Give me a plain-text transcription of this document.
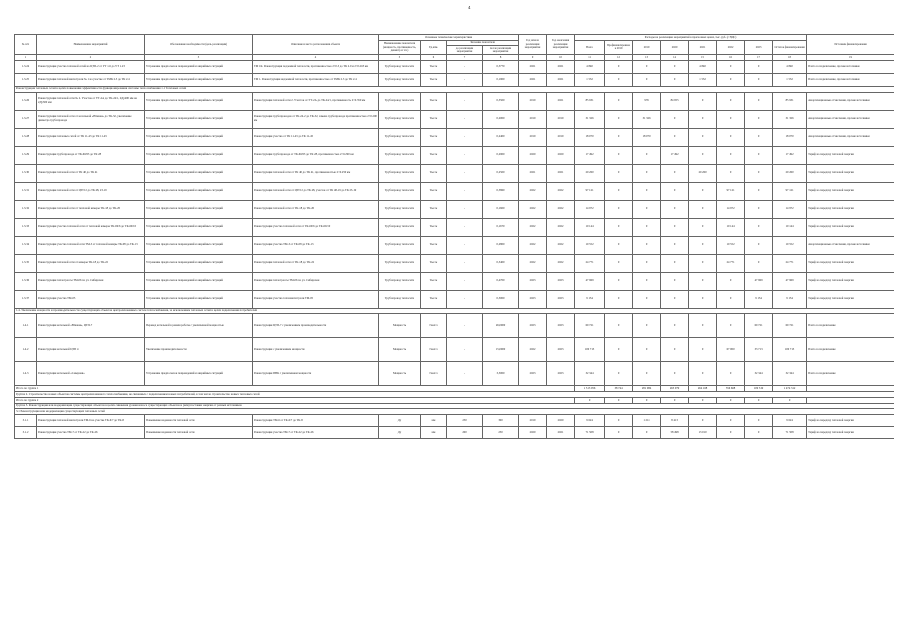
4
№ п/п	Наименование мероприятий	Обоснование необходимости (цель реализации)	Описание и место расположения объекта	Основные технические характеристики				Год начала реализации мероприятия	Год окончания реализации мероприятия	Расходы на реализацию мероприятий в прогнозных ценах, тыс. руб. (с НДС)								Источник финансирования
				Наименование показателя (мощность, протяженность, диаметр и т.п.)	Ед.изм.	Значение показателя				Всего	Профинансировано к 2019	2019	2020	2021	2022	2023	Остаток финансирования	
						до реализации мероприятия	после реализации мероприятия											
1	2	3	4	5	6	7	8	9	10	11	12	13	14	15	16	17	18	19
1.3.24	Реконструкция участка тепловой сетей на ЦТП-2 от УТ 1.6 до УТ 1.23	Устранение предпосылок повреждений и аварийных ситуаций	ТМ 1К. Реконструкция подземной теплосети, протяженностью 2×0.3 до ТК 2.0 и 2×0.218 км	Трубопровод теплосети	Тыс.м	-	0,5770	2021	2021	4 840	0	0	0	4 840	0	0	4 840	Плата за подключение, прочие источники
1.3.25	Реконструкция тепловой магистрали № 1 на участке от ТМК 2.3 до ТК 2.4	Устранение предпосылок повреждений и аварийных ситуаций	ТМ 1. Реконструкция надземной теплосети, протяженностью от ТМК 2.3 до ТК 2.4	Трубопровод теплосети	Тыс.м	-	0,1900	2021	2021	1 532	0	0	0	1 532	0	0	1 532	Плата за подключение, прочие источники
Реконструкция тепловых сетей в целях повышения эффективности функционирования системы теплоснабжения 1.1 Тепловых сетей																		
1.3.26	Реконструкция тепловой сети № 2. Участок от УТ-2А до ТК-24/1, 2Ду400 мм на 2Ду300 мм	Устранение предпосылок повреждений и аварийных ситуаций	Реконструкция тепловой сети 2. Участок от УТ-2А до ТК-24/1, протяженность 2×0.350 км	Трубопровод теплосети	Тыс.м	-	0,3500	2019	2021	85 931	0	976	84 955	0	0	0	85 931	Амортизационные отчисления, прочие источники
1.3.27	Реконструкция тепловой сети от котельной «Южная» до ТК-32, увеличение диаметра трубопровода	Устранение предпосылок повреждений и аварийных ситуаций	Реконструкция трубопроводов от ТК-24-2 до ТК-32, замена трубопровода протяженностью 2×0.200 км	Трубопровод теплосети	Тыс.м	-	0,2000	2019	2019	31 326	0	31 326	0	0	0	0	31 326	Амортизационные отчисления, прочие источники
1.3.28	Реконструкция тепловых сетей от ТК 11-43 до ТК 11-45	Устранение предпосылок повреждений и аварийных ситуаций	Реконструкция участка от ТК 11-43 до ТК 11-45	Трубопровод теплосети	Тыс.м	-	0,2400	2019	2019	18 070	0	18 070	0	0	0	0	18 070	Амортизационные отчисления, прочие источники
1.3.29	Реконструкция трубопровода от ТК-60/63 до ТК 28	Устранение предпосылок повреждений и аварийных ситуаций	Реконструкция трубопровода от ТК-60/63 до ТК 28, протяженностью 2×0.290 км	Трубопровод теплосети	Тыс.м	-	0,2900	2020	2020	17 492	0	0	17 492	0	0	0	17 492	Тариф на передачу тепловой энергии
1.3.30	Реконструкция тепловой сети от ТК 40 до ТК 41	Устранение предпосылок повреждений и аварийных ситуаций	Реконструкция тепловой сети от ТК 40 до ТК 41, протяженностью 2×0.250 км	Трубопровод теплосети	Тыс.м	-	0,2500	2021	2021	20 260	0	0	0	20 260	0	0	20 260	Тариф на передачу тепловой энергии
1.3.31	Реконструкция тепловой сети от ЦТП 2 до ТК 48, 23-19	Устранение предпосылок повреждений и аварийных ситуаций	Реконструкция тепловой сети от ЦТП 2 до ТК 48, участок от ТК 48-19 до ТК 23-19	Трубопровод теплосети	Тыс.м	-	0,5860	2022	2022	97 121	0	0	0	0	97 121	0	97 121	Тариф на передачу тепловой энергии
1.3.32	Реконструкция тепловой сети от тепловой камеры ТК-18 до ТК-20	Устранение предпосылок повреждений и аварийных ситуаций	Реконструкция тепловой сети от ТК-18 до ТК-20	Трубопровод теплосети	Тыс.м	-	0,1600	2022	2022	14 972	0	0	0	0	14 972	0	14 972	Тариф на передачу тепловой энергии
1.3.33	Реконструкция участка тепловой сети от тепловой камеры ТК-69/6 до ТК-69/10	Устранение предпосылок повреждений и аварийных ситуаций	Реконструкция участка тепловой сети от ТК-69/6 до ТК-69/10	Трубопровод теплосети	Тыс.м	-	0,1670	2022	2022	10 144	0	0	0	0	10 144	0	10 144	Тариф на передачу тепловой энергии
1.3.34	Реконструкция участка тепловой сети ТМ-3 от тепловой камеры ТК-08 до ТК-13	Устранение предпосылок повреждений и аварийных ситуаций	Реконструкция участка ТМ-3 от ТК-08 до ТК-13	Трубопровод теплосети	Тыс.м	-	0,2800	2022	2022	10 552	0	0	0	0	10 552	0	10 552	Амортизационные отчисления, прочие источники
1.3.35	Реконструкция тепловой сети от камеры ТК-18 до ТК-22	Устранение предпосылок повреждений и аварийных ситуаций	Реконструкция тепловой сети от ТК-18 до ТК-22	Трубопровод теплосети	Тыс.м	-	0,3400	2022	2022	24 771	0	0	0	0	24 771	0	24 771	Тариф на передачу тепловой энергии
1.3.36	Реконструкция теплотрассы ТМ-06 по ул. Сибирская	Устранение предпосылок повреждений и аварийных ситуаций	Реконструкция теплотрассы ТМ-06 по ул. Сибирская	Трубопровод теплосети	Тыс.м	-	0,4700	2023	2023	47 969	0	0	0	0	0	47 969	47 969	Тариф на передачу тепловой энергии
1.3.37	Реконструкция участка ТМ-05	Устранение предпосылок повреждений и аварийных ситуаций	Реконструкция участка тепломагистрали ТМ-05	Трубопровод теплосети	Тыс.м	-	0,3000	2023	2023	9 154	0	0	0	0	0	9 154	9 154	Тариф на передачу тепловой энергии
1.4. Увеличение мощности и производительности существующих объектов централизованных систем теплоснабжения, за исключением тепловых сетей в целях подключения потребителей																		
1.4.1	Реконструкция котельной «Южная», ЦТП-7	Перевод котельной в режим работы с увеличенной мощностью	Реконструкция ЦТП-7 с увеличением производительности	Мощность	Гкал/ч	-	26,0000	2023	2023	69 721	0	0	0	0	0	69 721	69 721	Плата за подключение
1.4.2	Реконструкция котельной ЦТП 4	Увеличение производительности	Реконструкция с увеличением мощности	Мощность	Гкал/ч	-	15,0000	2022	2023	100 713	0	0	0	0	67 000	33 713	100 713	Плата за подключение
1.4.3	Реконструкция котельной «Северная»	Устранение предпосылок повреждений и аварийных ситуаций	Реконструкция ПВК с увеличением мощности	Мощность	Гкал/ч	-	3,5000	2023	2023	32 344	0	0	0	0	0	32 344	32 344	Плата за подключение
Итого по группе 1										1 513 056	38 744	281 084	263 079	264 168	556 668	109 319	1 474 312	
Группа 2. Строительство новых объектов системы централизованного теплоснабжения, не связанных с подключением новых потребителей, в том числе строительство новых тепловых сетей																		
Итого по группе 2										0	0	0	0	0	0	0	0	
Группа 3. Реконструкция или модернизация существующих объектов в целях снижения уровня износа существующих объектов и (или) поставки энергии от разных источников																		
3.1 Реконструкция или модернизация существующих тепловых сетей																		
3.1.1	Реконструкция тепловой магистрали ТМ-6 на участке ТК-6/7 до ТК-8	Повышение надежности тепловой сети	Реконструкция ТМ-6 от ТК-6/7 до ТК-8	Ду	мм	250	300	2019	2020	9 624	0	1 211	8 413	0	0	0	9 624	Тариф на передачу тепловой энергии
3.1.2	Реконструкция участка ТМ-7 от ТК-22 до ТК-26	Повышение надежности тепловой сети	Реконструкция участка ТМ-7 от ТК-22 до ТК-26	Ду	мм	200	250	2020	2021	71 508	0	0	58 498	13 010	0	0	71 508	Тариф на передачу тепловой энергии
